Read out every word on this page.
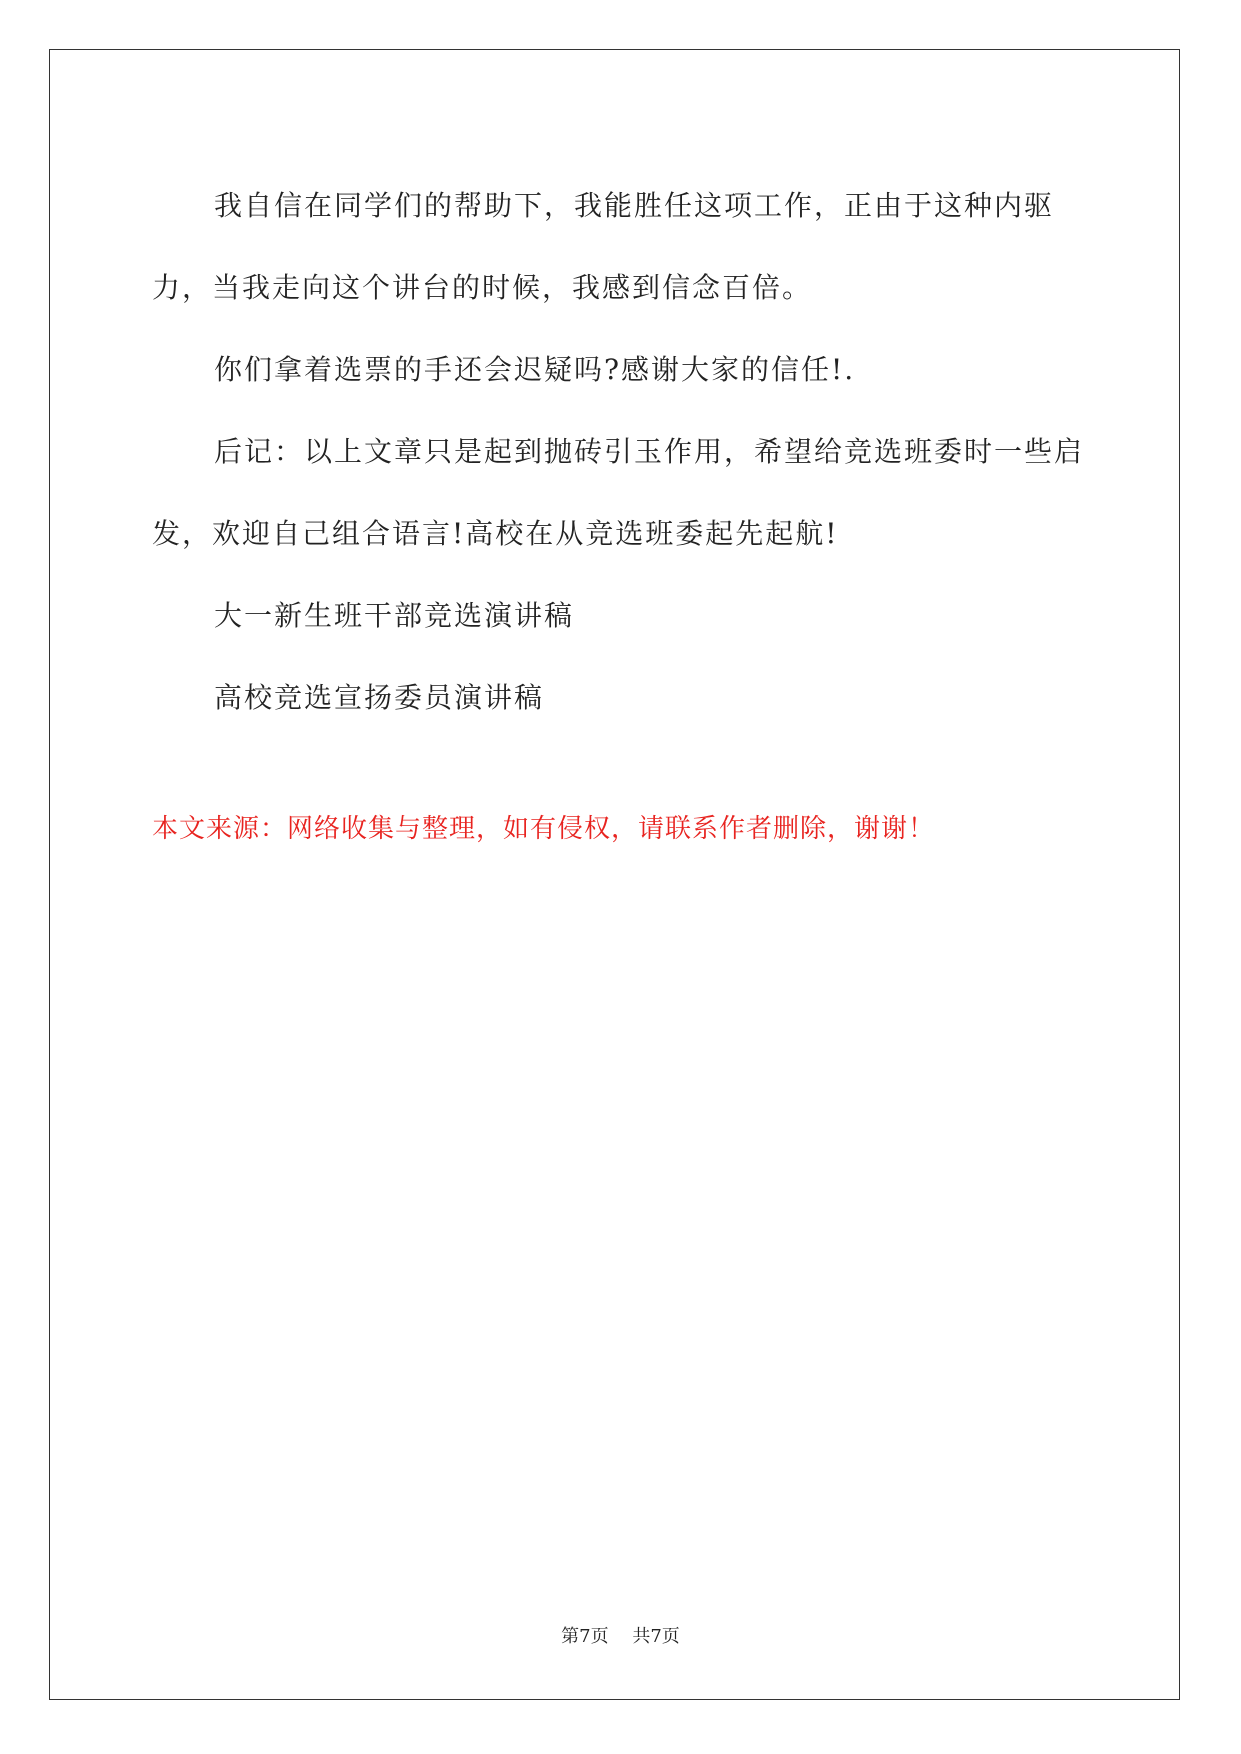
我自信在同学们的帮助下，我能胜任这项工作，正由于这种内驱力，当我走向这个讲台的时候，我感到信念百倍。

你们拿着选票的手还会迟疑吗?感谢大家的信任!.

后记：以上文章只是起到抛砖引玉作用，希望给竞选班委时一些启发，欢迎自己组合语言!高校在从竞选班委起先起航!

大一新生班干部竞选演讲稿

高校竞选宣扬委员演讲稿

本文来源：网络收集与整理，如有侵权，请联系作者删除，谢谢！
第7页 共7页
